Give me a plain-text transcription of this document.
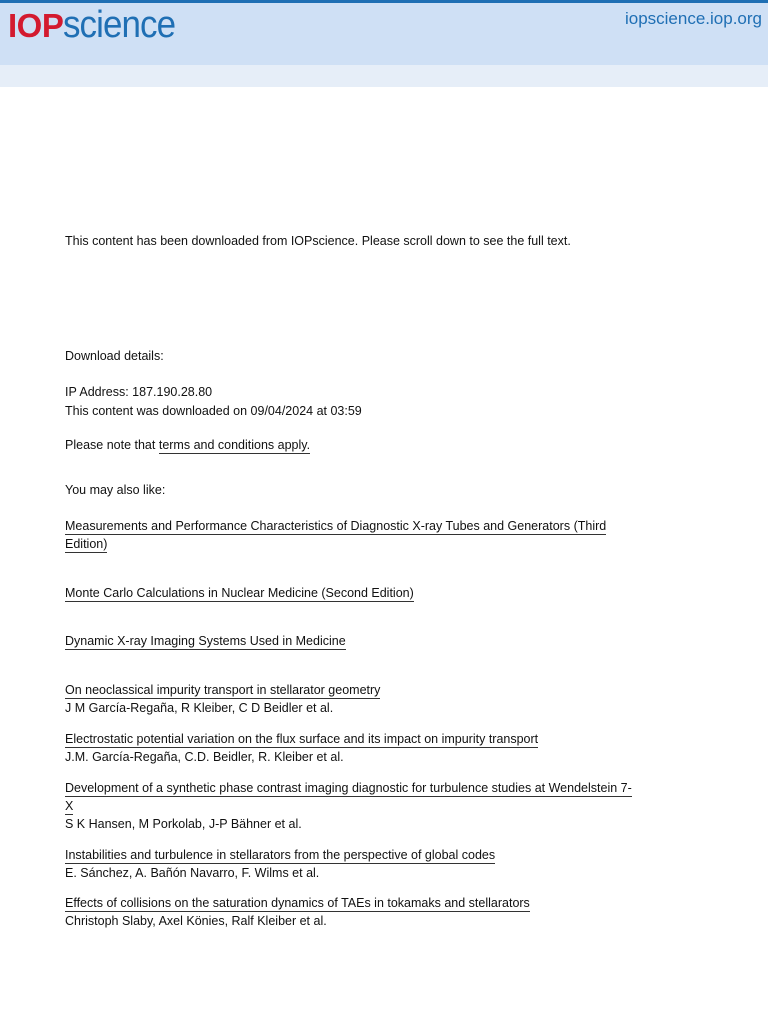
IOP science	iopscience.iop.org
This content has been downloaded from IOPscience. Please scroll down to see the full text.
Download details:
IP Address: 187.190.28.80
This content was downloaded on 09/04/2024 at 03:59
Please note that terms and conditions apply.
You may also like:
Measurements and Performance Characteristics of Diagnostic X-ray Tubes and Generators (Third Edition)
Monte Carlo Calculations in Nuclear Medicine (Second Edition)
Dynamic X-ray Imaging Systems Used in Medicine
On neoclassical impurity transport in stellarator geometry
J M García-Regaña, R Kleiber, C D Beidler et al.
Electrostatic potential variation on the flux surface and its impact on impurity transport
J.M. García-Regaña, C.D. Beidler, R. Kleiber et al.
Development of a synthetic phase contrast imaging diagnostic for turbulence studies at Wendelstein 7-X
S K Hansen, M Porkolab, J-P Bähner et al.
Instabilities and turbulence in stellarators from the perspective of global codes
E. Sánchez, A. Bañón Navarro, F. Wilms et al.
Effects of collisions on the saturation dynamics of TAEs in tokamaks and stellarators
Christoph Slaby, Axel Könies, Ralf Kleiber et al.
